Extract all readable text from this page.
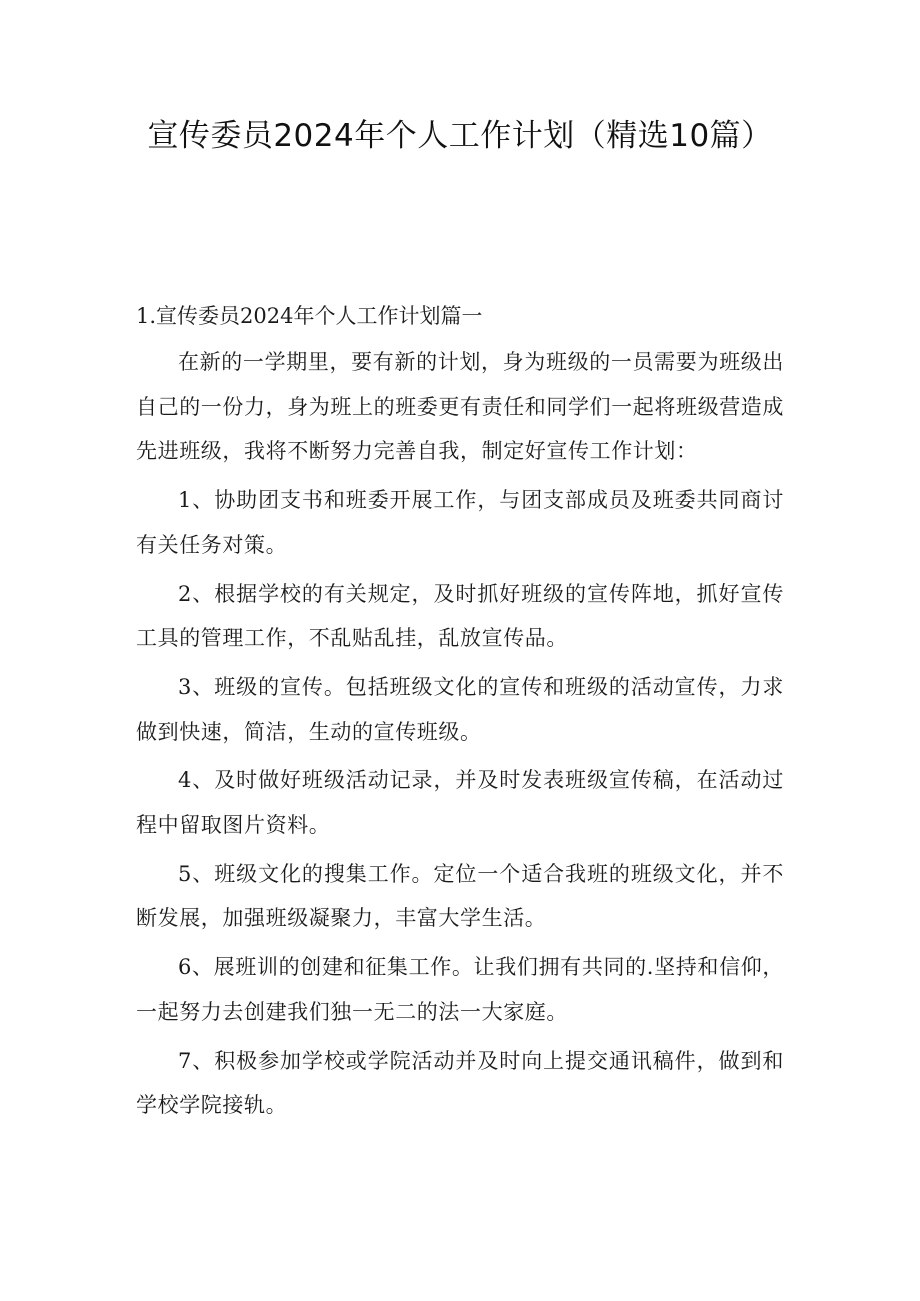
宣传委员2024年个人工作计划（精选10篇）
1.宣传委员2024年个人工作计划篇一

在新的一学期里，要有新的计划，身为班级的一员需要为班级出自己的一份力，身为班上的班委更有责任和同学们一起将班级营造成先进班级，我将不断努力完善自我，制定好宣传工作计划：

1、协助团支书和班委开展工作，与团支部成员及班委共同商讨有关任务对策。

2、根据学校的有关规定，及时抓好班级的宣传阵地，抓好宣传工具的管理工作，不乱贴乱挂，乱放宣传品。

3、班级的宣传。包括班级文化的宣传和班级的活动宣传，力求做到快速，简洁，生动的宣传班级。

4、及时做好班级活动记录，并及时发表班级宣传稿，在活动过程中留取图片资料。

5、班级文化的搜集工作。定位一个适合我班的班级文化，并不断发展，加强班级凝聚力，丰富大学生活。

6、展班训的创建和征集工作。让我们拥有共同的.坚持和信仰，一起努力去创建我们独一无二的法一大家庭。

7、积极参加学校或学院活动并及时向上提交通讯稿件，做到和学校学院接轨。
